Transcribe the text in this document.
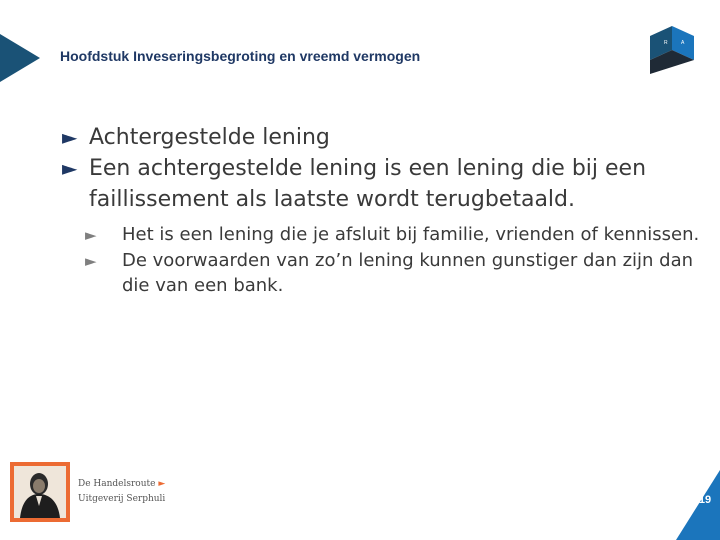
Hoofdstuk Inveseringsbegroting en vreemd vermogen
R	A
► Achtergestelde lening
► Een achtergestelde lening is een lening die bij een faillissement als laatste wordt terugbetaald.
►	Het is een lening die je afsluit bij familie, vrienden of kennissen.
►	De voorwaarden van zo’n lening kunnen gunstiger dan zijn dan die van een bank.
De Handelsroute ►
Uitgeverij Serphuli	19
